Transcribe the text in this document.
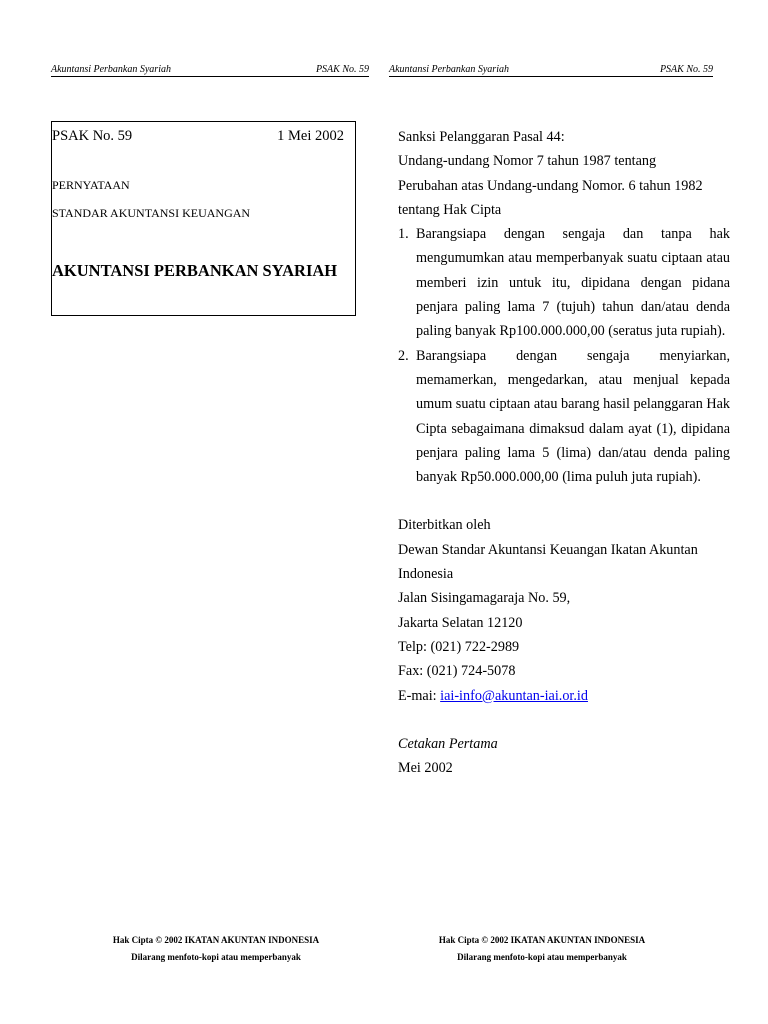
Akuntansi Perbankan Syariah	PSAK No. 59
PSAK No. 59	1 Mei 2002
PERNYATAAN
STANDAR AKUNTANSI KEUANGAN
AKUNTANSI PERBANKAN SYARIAH
Hak Cipta © 2002 IKATAN AKUNTAN INDONESIA
Dilarang menfoto-kopi atau memperbanyak
Akuntansi Perbankan Syariah	PSAK No. 59

Sanksi Pelanggaran Pasal 44:

Undang-undang Nomor 7 tahun 1987 tentang

Perubahan atas Undang-undang Nomor. 6 tahun 1982

tentang Hak Cipta

1. Barangsiapa dengan sengaja dan tanpa hak mengumumkan atau memperbanyak suatu ciptaan atau memberi izin untuk itu, dipidana dengan pidana penjara paling lama 7 (tujuh) tahun dan/atau denda paling banyak Rp100.000.000,00 (seratus juta rupiah).
2. Barangsiapa dengan sengaja menyiarkan, memamerkan, mengedarkan, atau menjual kepada umum suatu ciptaan atau barang hasil pelanggaran Hak Cipta sebagaimana dimaksud dalam ayat (1), dipidana penjara paling lama 5 (lima) dan/atau denda paling banyak Rp50.000.000,00 (lima puluh juta rupiah).

Diterbitkan oleh

Dewan Standar Akuntansi Keuangan Ikatan Akuntan Indonesia

Jalan Sisingamagaraja No. 59,

Jakarta Selatan 12120

Telp: (021) 722-2989

Fax: (021) 724-5078

E-mai: iai-info@akuntan-iai.or.id

Cetakan Pertama

Mei 2002

Hak Cipta © 2002 IKATAN AKUNTAN INDONESIA
Dilarang menfoto-kopi atau memperbanyak
